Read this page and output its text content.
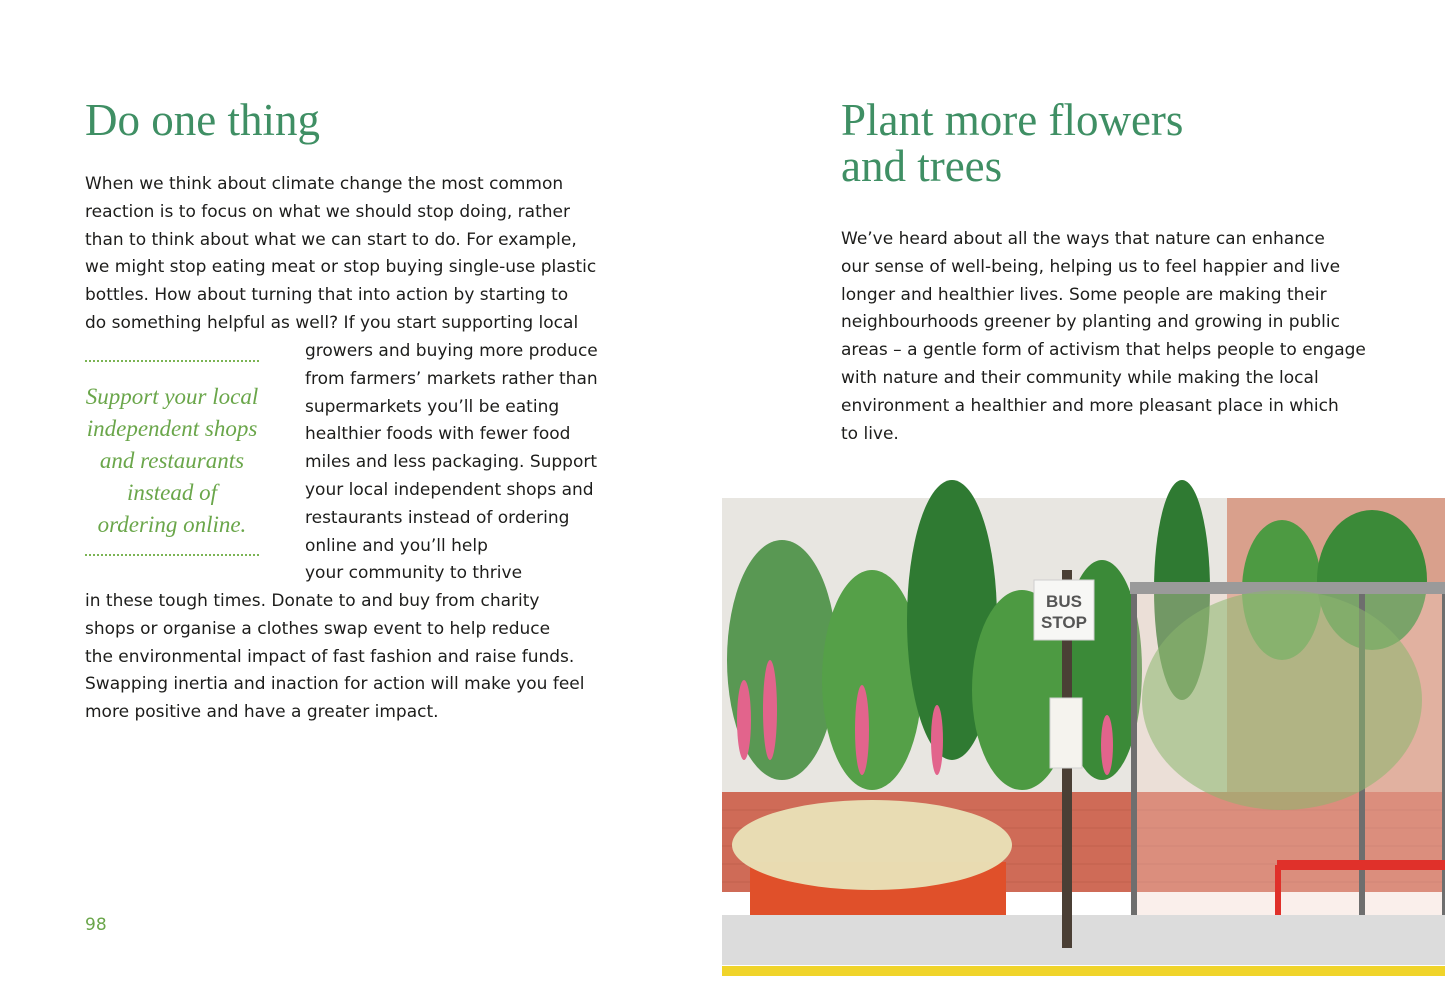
Do one thing

When we think about climate change the most common
reaction is to focus on what we should stop doing, rather
than to think about what we can start to do. For example,
we might stop eating meat or stop buying single-use plastic
bottles. How about turning that into action by starting to
do something helpful as well? If you start supporting local

growers and buying more produce
from farmers’ markets rather than
supermarkets you’ll be eating
healthier foods with fewer food
miles and less packaging. Support
your local independent shops and
restaurants instead of ordering
online and you’ll help
your community to thrive

in these tough times. Donate to and buy from charity
shops or organise a clothes swap event to help reduce
the environmental impact of fast fashion and raise funds.
Swapping inertia and inaction for action will make you feel
more positive and have a greater impact.

Support your local
independent shops
and restaurants
instead of
ordering online.
98
Plant more flowers
and trees

We’ve heard about all the ways that nature can enhance
our sense of well-being, helping us to feel happier and live
longer and healthier lives. Some people are making their
neighbourhoods greener by planting and growing in public
areas – a gentle form of activism that helps people to engage
with nature and their community while making the local
environment a healthier and more pleasant place in which
to live.

BUS
STOP
